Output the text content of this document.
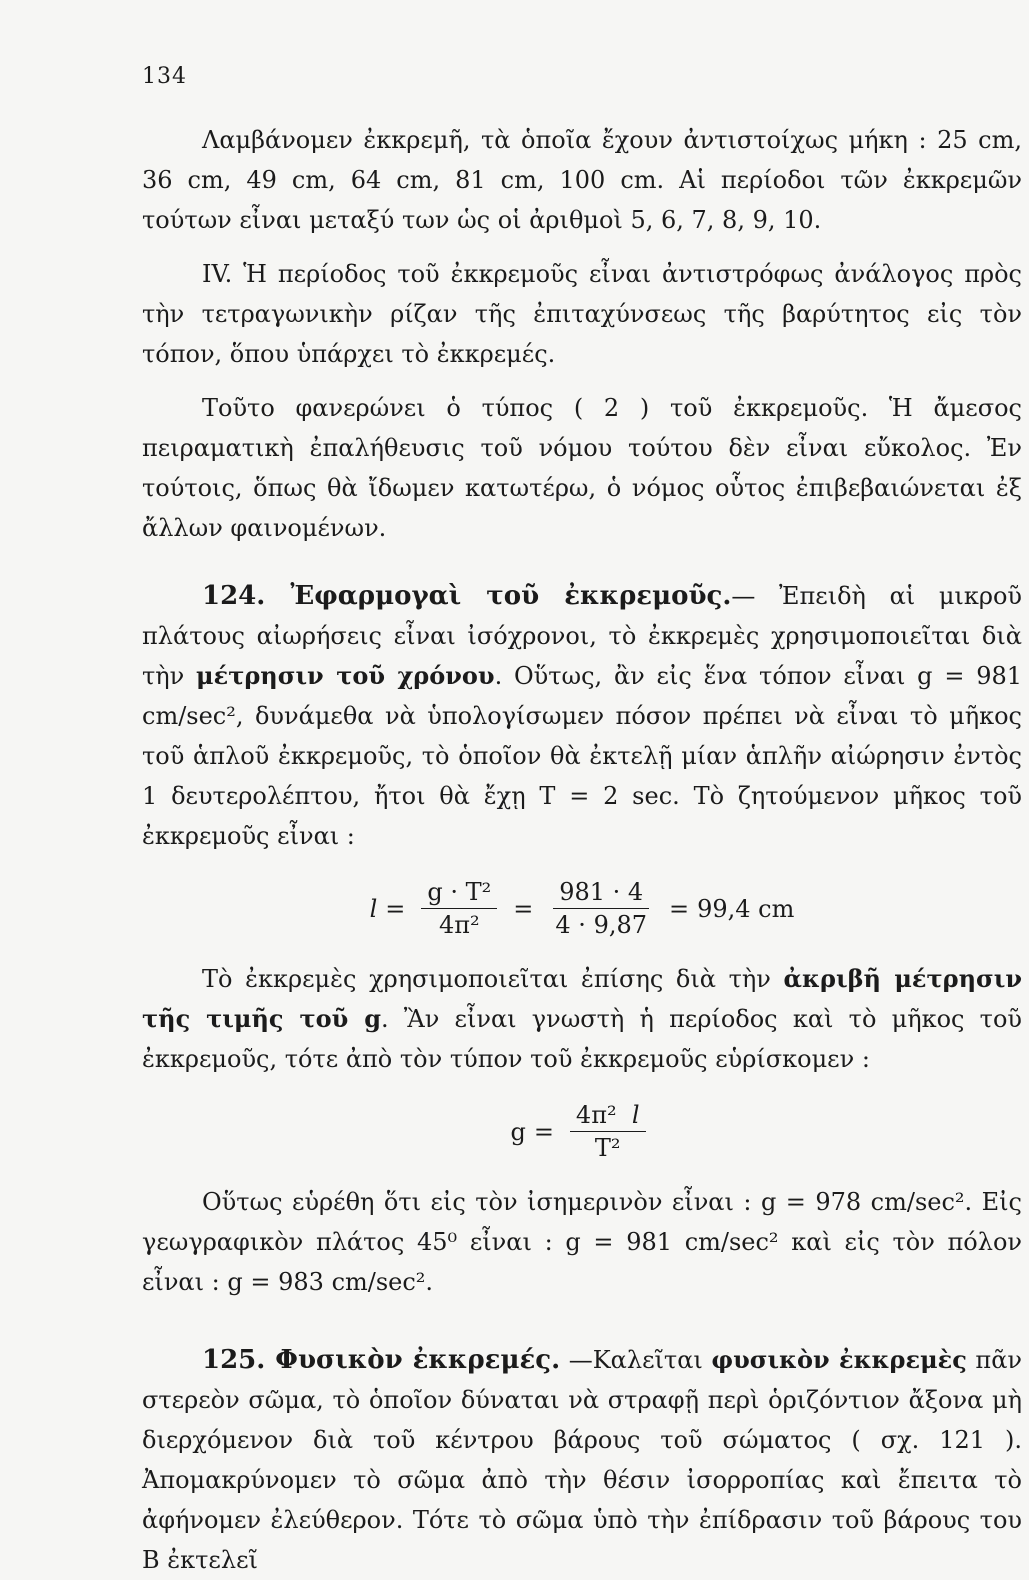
134

Λαμβάνομεν ἐκκρεμῆ, τὰ ὁποῖα ἔχουν ἀντιστοίχως μήκη : 25 cm, 36 cm, 49 cm, 64 cm, 81 cm, 100 cm. Αἱ περίοδοι τῶν ἐκκρεμῶν τούτων εἶναι μεταξύ των ὡς οἱ ἀριθμοὶ 5, 6, 7, 8, 9, 10.

IV. Ἡ περίοδος τοῦ ἐκκρεμοῦς εἶναι ἀντιστρόφως ἀνάλογος πρὸς τὴν τετραγωνικὴν ρίζαν τῆς ἐπιταχύνσεως τῆς βαρύτητος εἰς τὸν τόπον, ὅπου ὑπάρχει τὸ ἐκκρεμές.

Τοῦτο φανερώνει ὁ τύπος ( 2 ) τοῦ ἐκκρεμοῦς. Ἡ ἄμεσος πειραματικὴ ἐπαλήθευσις τοῦ νόμου τούτου δὲν εἶναι εὔκολος. Ἐν τούτοις, ὅπως θὰ ἴδωμεν κατωτέρω, ὁ νόμος οὗτος ἐπιβεβαιώνεται ἐξ ἄλλων φαινομένων.

124. Ἐφαρμογαὶ τοῦ ἐκκρεμοῦς.— Ἐπειδὴ αἱ μικροῦ πλάτους αἰωρήσεις εἶναι ἰσόχρονοι, τὸ ἐκκρεμὲς χρησιμοποιεῖται διὰ τὴν μέτρησιν τοῦ χρόνου. Οὕτως, ἂν εἰς ἕνα τόπον εἶναι g = 981 cm/sec², δυνάμεθα νὰ ὑπολογίσωμεν πόσον πρέπει νὰ εἶναι τὸ μῆκος τοῦ ἁπλοῦ ἐκκρεμοῦς, τὸ ὁποῖον θὰ ἐκτελῇ μίαν ἁπλῆν αἰώρησιν ἐντὸς 1 δευτερολέπτου, ἤτοι θὰ ἔχῃ T = 2 sec. Τὸ ζητούμενον μῆκος τοῦ ἐκκρεμοῦς εἶναι :

$l = \frac{\text{g · T²}}{\text{4π²}} = \frac{981 \cdot 4}{4 \cdot 9,87} = 99,4$ cm

Τὸ ἐκκρεμὲς χρησιμοποιεῖται ἐπίσης διὰ τὴν ἀκριβῆ μέτρησιν τῆς τιμῆς τοῦ g. Ἂν εἶναι γνωστὴ ἡ περίοδος καὶ τὸ μῆκος τοῦ ἐκκρεμοῦς, τότε ἀπὸ τὸν τύπον τοῦ ἐκκρεμοῦς εὑρίσκομεν :

$g = \frac{\text{4π² l}}{\text{T²}}$

Οὕτως εὑρέθη ὅτι εἰς τὸν ἰσημερινὸν εἶναι : g = 978 cm/sec². Εἰς γεωγραφικὸν πλάτος 45⁰ εἶναι : g = 981 cm/sec² καὶ εἰς τὸν πόλον εἶναι : g = 983 cm/sec².

125. Φυσικὸν ἐκκρεμές. —Καλεῖται φυσικὸν ἐκκρεμὲς πᾶν στερεὸν σῶμα, τὸ ὁποῖον δύναται νὰ στραφῇ περὶ ὁριζόντιον ἄξονα μὴ διερχόμενον διὰ τοῦ κέντρου βάρους τοῦ σώματος ( σχ. 121 ). Ἀπομακρύνομεν τὸ σῶμα ἀπὸ τὴν θέσιν ἰσορροπίας καὶ ἔπειτα τὸ ἀφήνομεν ἐλεύθερον. Τότε τὸ σῶμα ὑπὸ τὴν ἐπίδρασιν τοῦ βάρους του B ἐκτελεῖ
